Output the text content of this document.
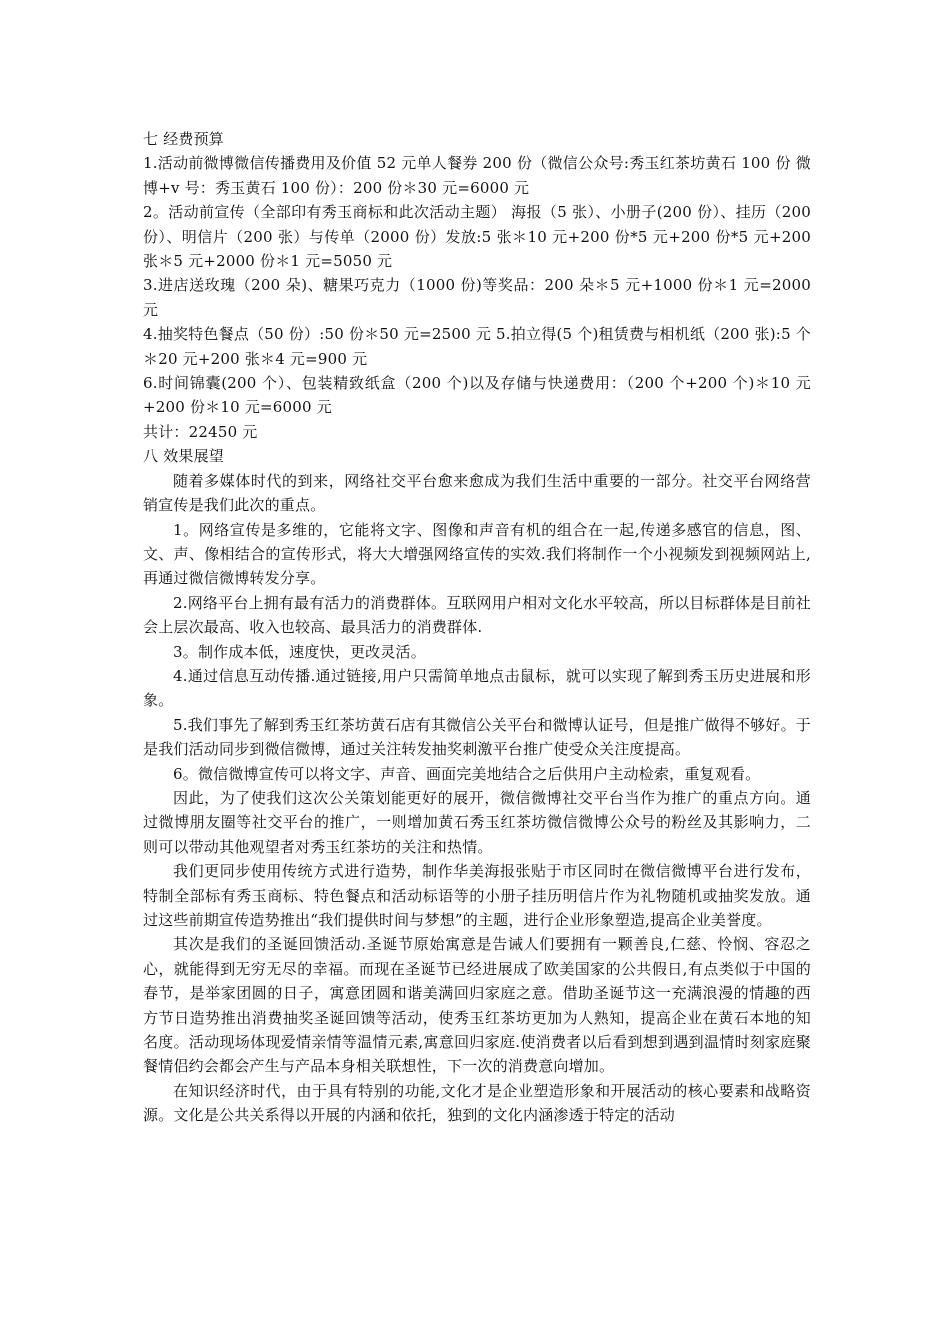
七 经费预算

1.活动前微博微信传播费用及价值 52 元单人餐券 200 份（微信公众号:秀玉红茶坊黄石 100 份 微博+v 号：秀玉黄石 100 份）：200 份＊30 元=6000 元

2。活动前宣传（全部印有秀玉商标和此次活动主题） 海报（5 张）、小册子(200 份）、挂历（200 份）、明信片（200 张）与传单（2000 份）发放:5 张＊10 元+200 份*5 元+200 份*5 元+200 张＊5 元+2000 份＊1 元=5050 元

3.进店送玫瑰（200 朵)、糖果巧克力（1000 份)等奖品：200 朵＊5 元+1000 份＊1 元=2000 元

4.抽奖特色餐点（50 份）:50 份＊50 元=2500 元 5.拍立得(5 个)租赁费与相机纸（200 张):5 个＊20 元+200 张＊4 元=900 元

6.时间锦囊(200 个）、包装精致纸盒（200 个)以及存储与快递费用：（200 个+200 个)＊10 元+200 份＊10 元=6000 元

共计：22450 元

八 效果展望

随着多媒体时代的到来，网络社交平台愈来愈成为我们生活中重要的一部分。社交平台网络营销宣传是我们此次的重点。

1。网络宣传是多维的，它能将文字、图像和声音有机的组合在一起,传递多感官的信息，图、文、声、像相结合的宣传形式，将大大增强网络宣传的实效.我们将制作一个小视频发到视频网站上,再通过微信微博转发分享。

2.网络平台上拥有最有活力的消费群体。互联网用户相对文化水平较高，所以目标群体是目前社会上层次最高、收入也较高、最具活力的消费群体.

3。制作成本低，速度快，更改灵活。

4.通过信息互动传播.通过链接,用户只需简单地点击鼠标，就可以实现了解到秀玉历史进展和形象。

5.我们事先了解到秀玉红茶坊黄石店有其微信公关平台和微博认证号，但是推广做得不够好。于是我们活动同步到微信微博，通过关注转发抽奖刺激平台推广使受众关注度提高。

6。微信微博宣传可以将文字、声音、画面完美地结合之后供用户主动检索，重复观看。

因此，为了使我们这次公关策划能更好的展开，微信微博社交平台当作为推广的重点方向。通过微博朋友圈等社交平台的推广，一则增加黄石秀玉红茶坊微信微博公众号的粉丝及其影响力，二则可以带动其他观望者对秀玉红茶坊的关注和热情。

我们更同步使用传统方式进行造势，制作华美海报张贴于市区同时在微信微博平台进行发布，特制全部标有秀玉商标、特色餐点和活动标语等的小册子挂历明信片作为礼物随机或抽奖发放。通过这些前期宣传造势推出“我们提供时间与梦想”的主题，进行企业形象塑造,提高企业美誉度。

其次是我们的圣诞回馈活动.圣诞节原始寓意是告诫人们要拥有一颗善良,仁慈、怜悯、容忍之心，就能得到无穷无尽的幸福。而现在圣诞节已经进展成了欧美国家的公共假日,有点类似于中国的春节，是举家团圆的日子，寓意团圆和谐美满回归家庭之意。借助圣诞节这一充满浪漫的情趣的西方节日造势推出消费抽奖圣诞回馈等活动，使秀玉红茶坊更加为人熟知，提高企业在黄石本地的知名度。活动现场体现爱情亲情等温情元素,寓意回归家庭.使消费者以后看到想到遇到温情时刻家庭聚餐情侣约会都会产生与产品本身相关联想性，下一次的消费意向增加。

在知识经济时代，由于具有特别的功能,文化才是企业塑造形象和开展活动的核心要素和战略资源。文化是公共关系得以开展的内涵和依托，独到的文化内涵渗透于特定的活动
